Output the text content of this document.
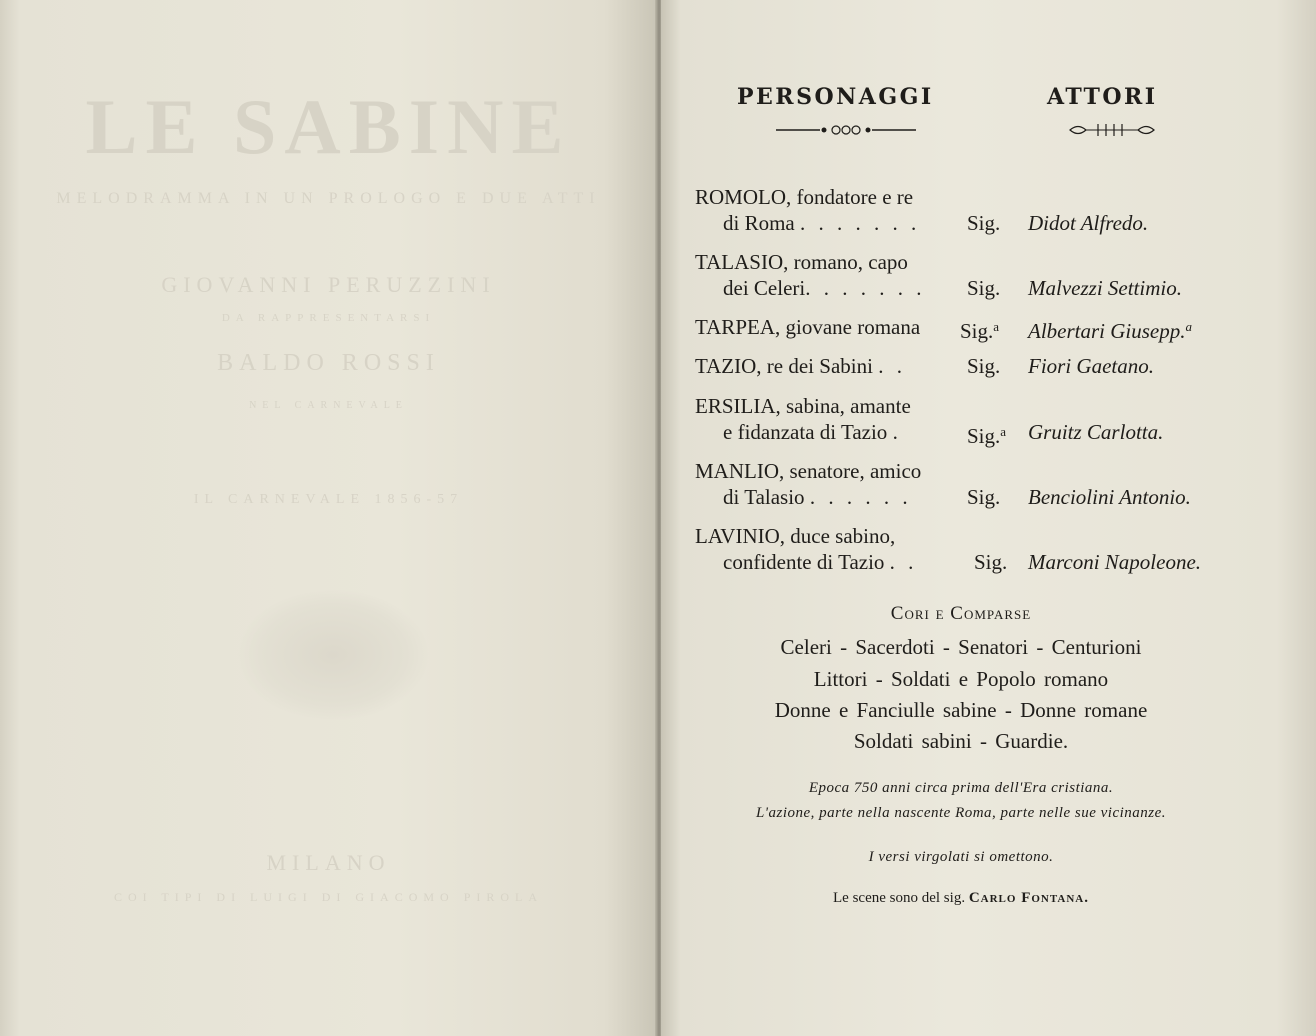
LE SABINE
MELODRAMMA IN UN PROLOGO E DUE ATTI
GIOVANNI PERUZZINI
DA RAPPRESENTARSI
BALDO ROSSI
NEL CARNEVALE
IL CARNEVALE 1856-57
MILANO
COI TIPI DI LUIGI DI GIACOMO PIROLA
PERSONAGGI	ATTORI
ROMOLO, fondatore e re
di Roma . . . . . . . Sig. Didot Alfredo.
TALASIO, romano, capo
dei Celeri. . . . . . . Sig. Malvezzi Settimio.
TARPEA, giovane romana Sig.$^a$ Albertari Giusepp.$^a$
TAZIO, re dei Sabini . .	Sig. Fiori Gaetano.
ERSILIA, sabina, amante
e fidanzata di Tazio .	Sig.$^a$ Gruitz Carlotta.
MANLIO, senatore, amico
di Talasio . . . . . .	Sig. Benciolini Antonio.
LAVINIO, duce sabino,
confidente di Tazio . .	Sig. Marconi Napoleone.
Cori e Comparse
Celeri - Sacerdoti - Senatori - Centurioni
Littori - Soldati e Popolo romano
Donne e Fanciulle sabine - Donne romane
Soldati sabini - Guardie.
Epoca 750 anni circa prima dell'Era cristiana.
L'azione, parte nella nascente Roma, parte nelle sue vicinanze.
I versi virgolati si omettono.
Le scene sono del sig. Carlo Fontana.
